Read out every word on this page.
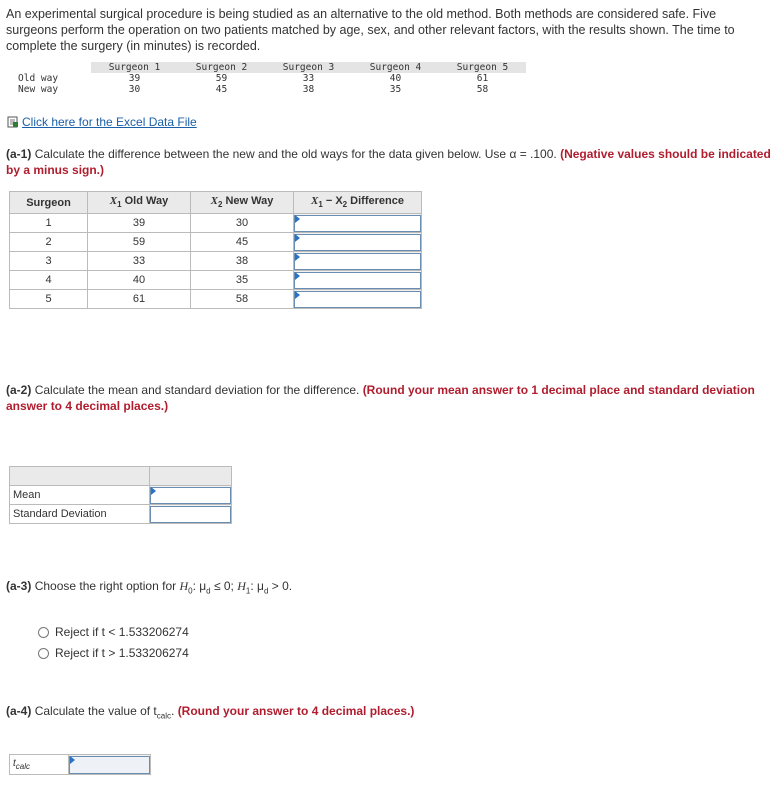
An experimental surgical procedure is being studied as an alternative to the old method. Both methods are considered safe. Five surgeons perform the operation on two patients matched by age, sex, and other relevant factors, with the results shown. The time to complete the surgery (in minutes) is recorded.
	Surgeon 1	Surgeon 2	Surgeon 3	Surgeon 4	Surgeon 5
Old way	39	59	33	40	61
New way	30	45	38	35	58
Click here for the Excel Data File
(a-1) Calculate the difference between the new and the old ways for the data given below. Use α = .100. (Negative values should be indicated by a minus sign.)
Surgeon	$X_1$ Old Way	$X_2$ New Way	$X_1 - X_2$ Difference
1	39	30	

2	59	45	

3	33	38	

4	40	35	

5	61	58	
(a-2) Calculate the mean and standard deviation for the difference. (Round your mean answer to 1 decimal place and standard deviation answer to 4 decimal places.)

Mean	

Standard Deviation	
(a-3) Choose the right option for $H_0$: $\mu_d \le 0$; $H_1$: $\mu_d > 0$.
Reject if t < 1.533206274
Reject if t > 1.533206274
(a-4) Calculate the value of $t_{calc}$. (Round your answer to 4 decimal places.)
$t_{calc}$	
